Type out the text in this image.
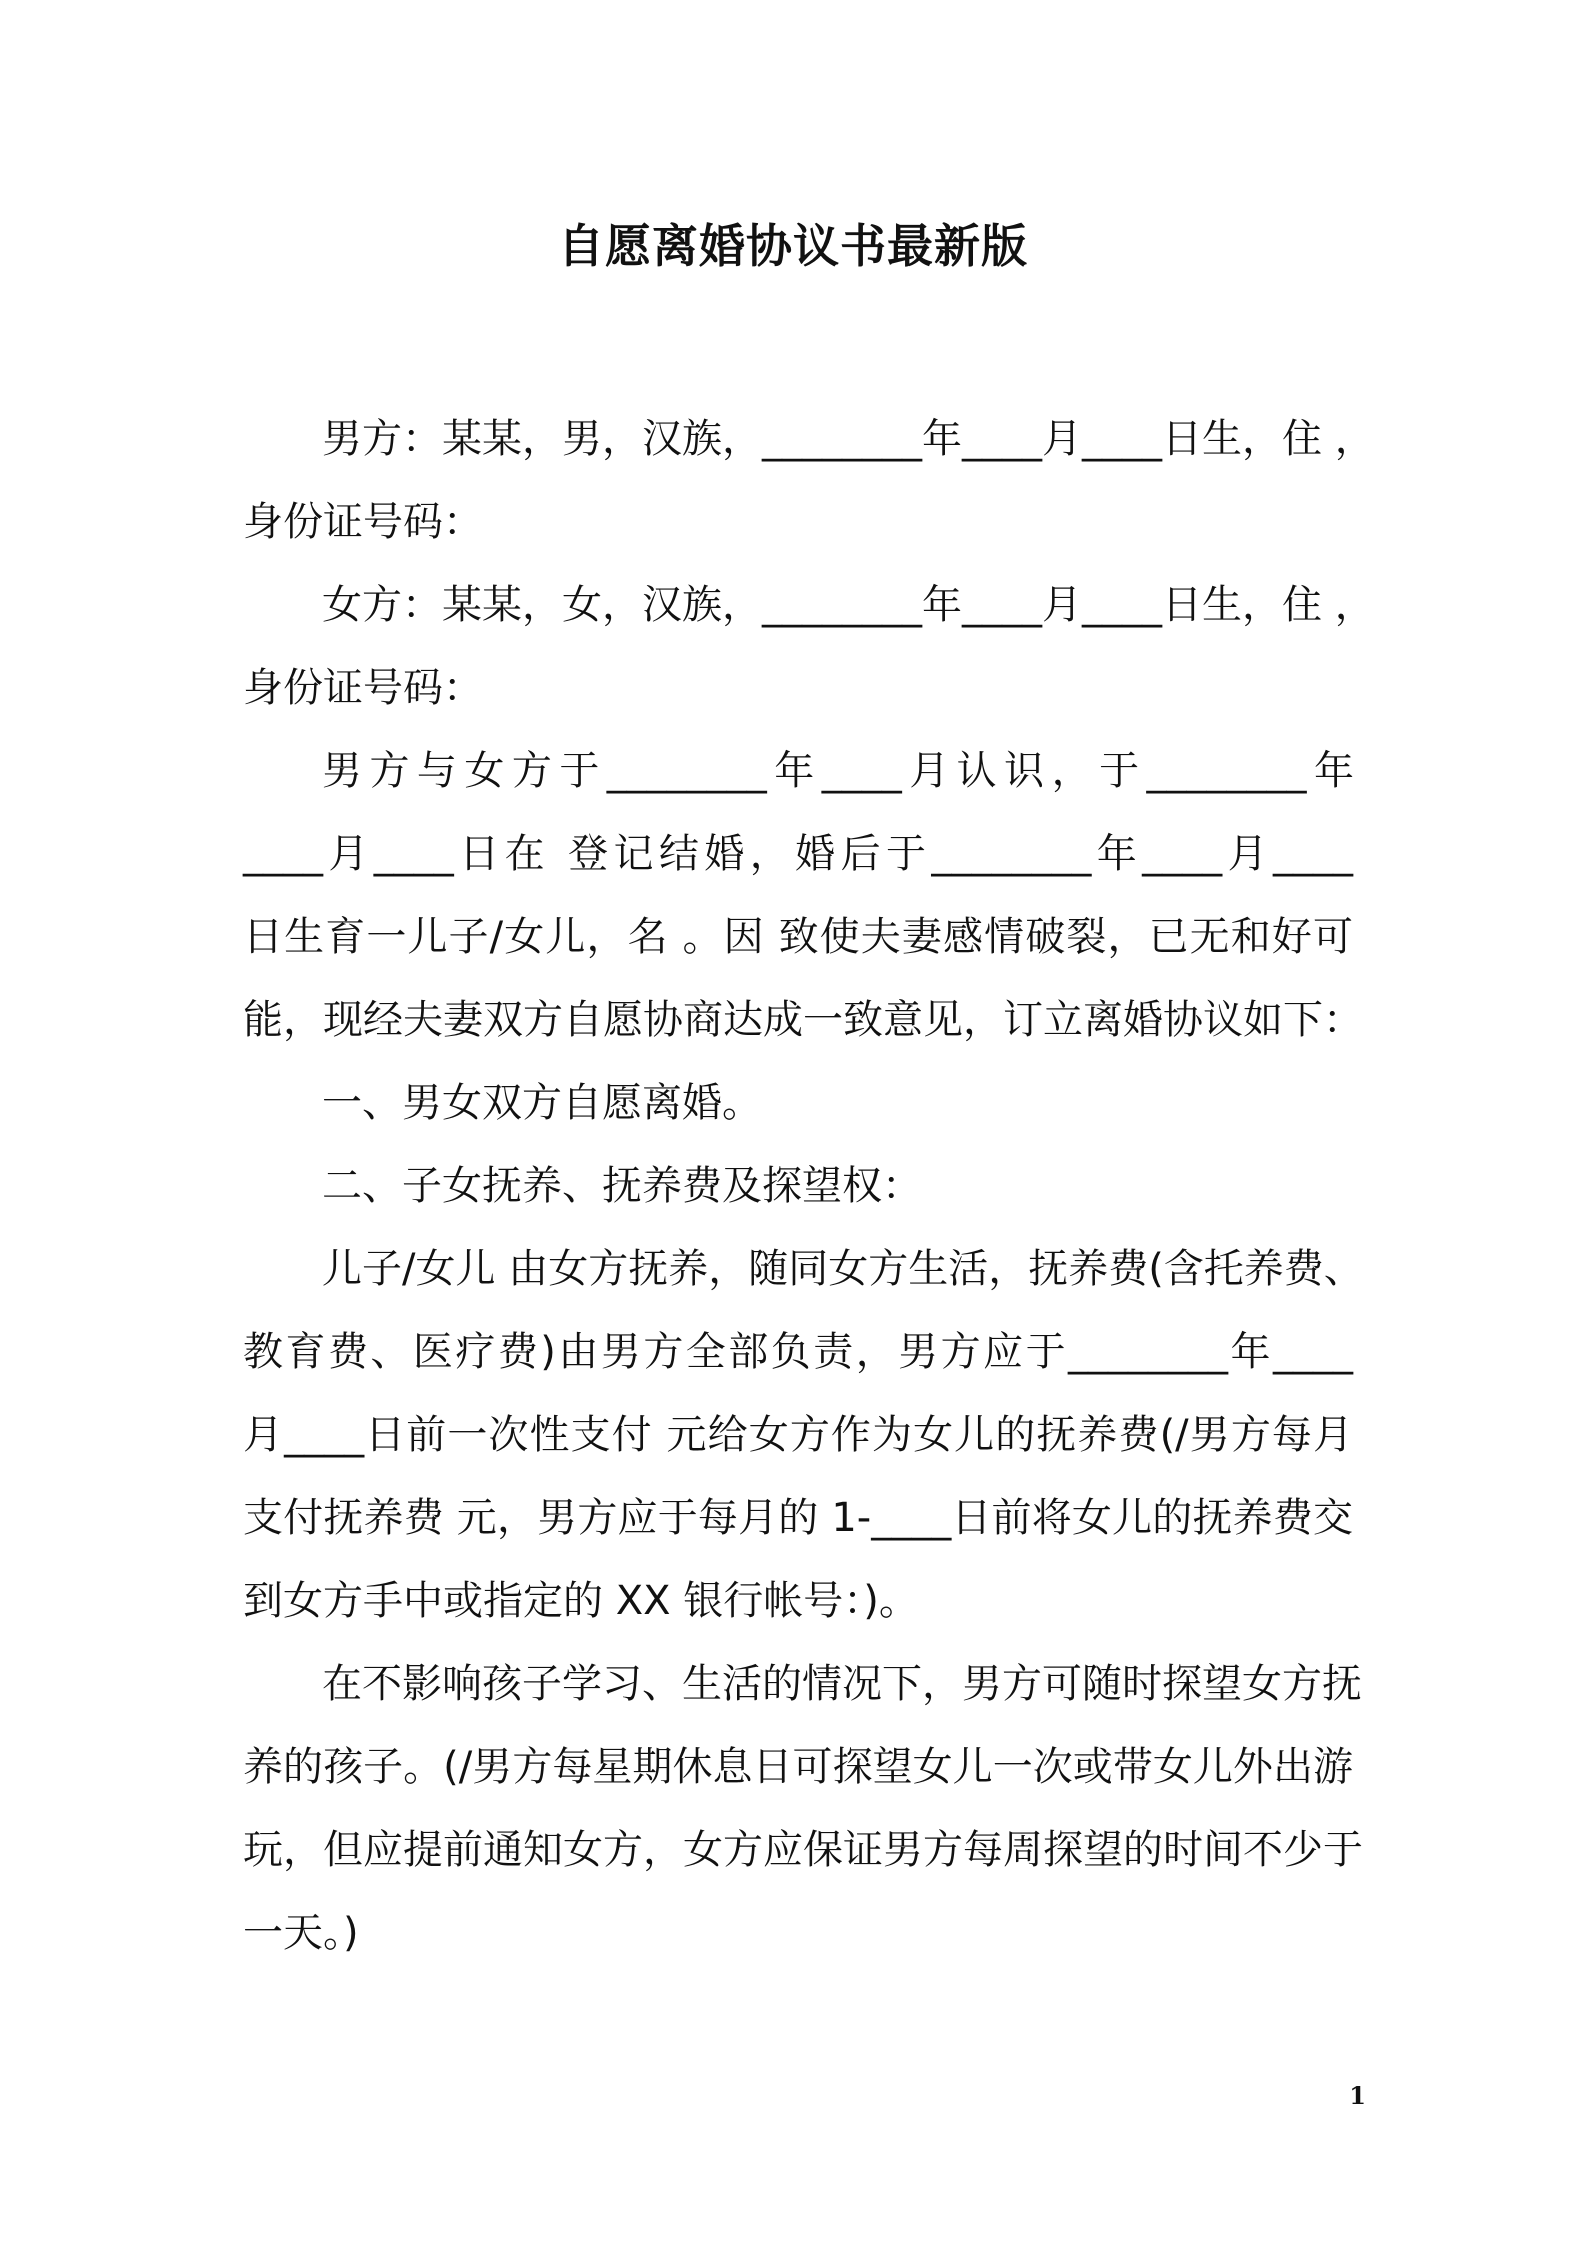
自愿离婚协议书最新版

男方：某某，男，汉族，________年____月____日生，住 ，

身份证号码：

女方：某某，女，汉族，________年____月____日生，住 ，

身份证号码：

男方与女方于________年____月认识，于________年

____月____日在 登记结婚，婚后于________年____月____

日生育一儿子/女儿，名 。因 致使夫妻感情破裂，已无和好可

能，现经夫妻双方自愿协商达成一致意见，订立离婚协议如下：

一、男女双方自愿离婚。

二、子女抚养、抚养费及探望权：

儿子/女儿 由女方抚养，随同女方生活，抚养费(含托养费、

教育费、医疗费)由男方全部负责，男方应于________年____

月____日前一次性支付 元给女方作为女儿的抚养费(/男方每月

支付抚养费 元，男方应于每月的 1-____日前将女儿的抚养费交

到女方手中或指定的 XX 银行帐号：)。

在不影响孩子学习、生活的情况下，男方可随时探望女方抚

养的孩子。(/男方每星期休息日可探望女儿一次或带女儿外出游

玩，但应提前通知女方，女方应保证男方每周探望的时间不少于

一天。)

1
